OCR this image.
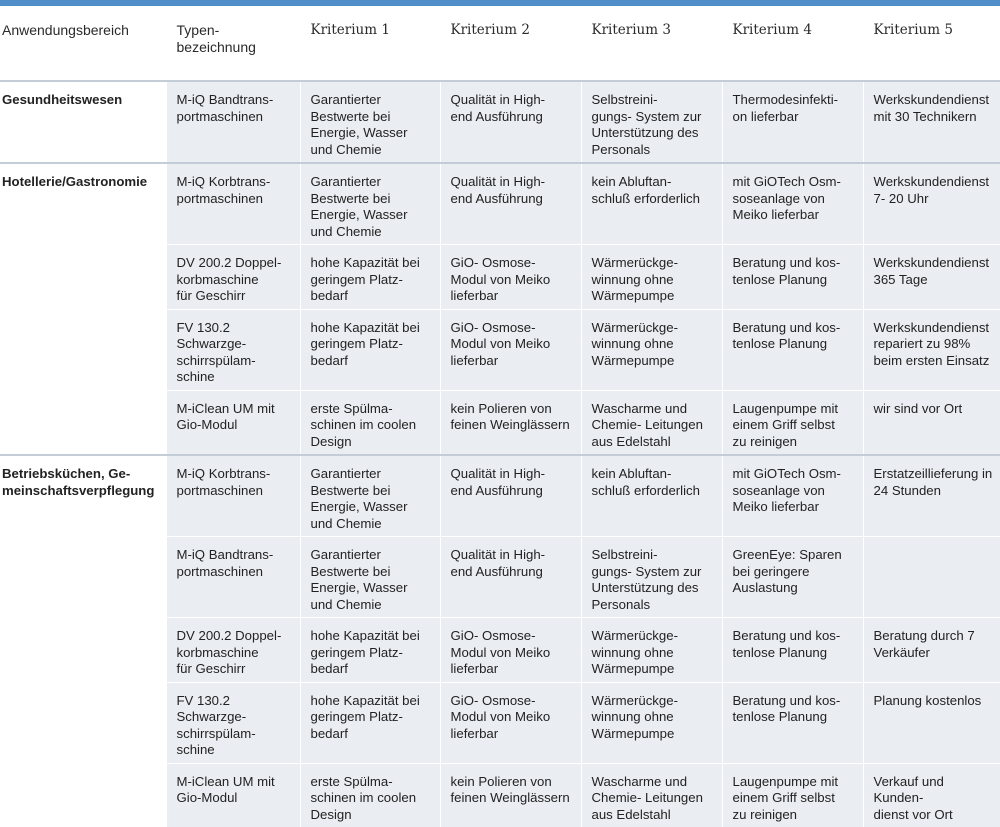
Anwendungsbereich	Typen-
bezeichnung	Kriterium 1	Kriterium 2	Kriterium 3	Kriterium 4	Kriterium 5
Gesundheitswesen	M-iQ Bandtrans-
portmaschinen	Garantierter
Bestwerte bei
Energie, Wasser
und Chemie	Qualität in High-
end Ausführung	Selbstreini-
gungs- System zur
Unterstützung des
Personals	Thermodesinfekti-
on lieferbar	Werkskundendienst
mit 30 Technikern
Hotellerie/Gastronomie	M-iQ Korbtrans-
portmaschinen	Garantierter
Bestwerte bei
Energie, Wasser
und Chemie	Qualität in High-
end Ausführung	kein Abluftan-
schluß erforderlich	mit GiOTech Osm-
soseanlage von
Meiko lieferbar	Werkskundendienst
7- 20 Uhr
	DV 200.2 Doppel-
korbmaschine
für Geschirr	hohe Kapazität bei
geringem Platz-
bedarf	GiO- Osmose-
Modul von Meiko
lieferbar	Wärmerückge-
winnung ohne
Wärmepumpe	Beratung und kos-
tenlose Planung	Werkskundendienst
365 Tage
	FV 130.2
Schwarzge-
schirrspülam-
schine	hohe Kapazität bei
geringem Platz-
bedarf	GiO- Osmose-
Modul von Meiko
lieferbar	Wärmerückge-
winnung ohne
Wärmepumpe	Beratung und kos-
tenlose Planung	Werkskundendienst
repariert zu 98%
beim ersten Einsatz
	M-iClean UM mit
Gio-Modul	erste Spülma-
schinen im coolen
Design	kein Polieren von
feinen Weinglässern	Wascharme und
Chemie- Leitungen
aus Edelstahl	Laugenpumpe mit
einem Griff selbst
zu reinigen	wir sind vor Ort
Betriebsküchen, Ge-
meinschaftsverpflegung	M-iQ Korbtrans-
portmaschinen	Garantierter
Bestwerte bei
Energie, Wasser
und Chemie	Qualität in High-
end Ausführung	kein Abluftan-
schluß erforderlich	mit GiOTech Osm-
soseanlage von
Meiko lieferbar	Erstatzeillieferung in
24 Stunden
	M-iQ Bandtrans-
portmaschinen	Garantierter
Bestwerte bei
Energie, Wasser
und Chemie	Qualität in High-
end Ausführung	Selbstreini-
gungs- System zur
Unterstützung des
Personals	GreenEye: Sparen
bei geringere
Auslastung	
	DV 200.2 Doppel-
korbmaschine
für Geschirr	hohe Kapazität bei
geringem Platz-
bedarf	GiO- Osmose-
Modul von Meiko
lieferbar	Wärmerückge-
winnung ohne
Wärmepumpe	Beratung und kos-
tenlose Planung	Beratung durch 7
Verkäufer
	FV 130.2
Schwarzge-
schirrspülam-
schine	hohe Kapazität bei
geringem Platz-
bedarf	GiO- Osmose-
Modul von Meiko
lieferbar	Wärmerückge-
winnung ohne
Wärmepumpe	Beratung und kos-
tenlose Planung	Planung kostenlos
	M-iClean UM mit
Gio-Modul	erste Spülma-
schinen im coolen
Design	kein Polieren von
feinen Weinglässern	Wascharme und
Chemie- Leitungen
aus Edelstahl	Laugenpumpe mit
einem Griff selbst
zu reinigen	Verkauf und Kunden-
dienst vor Ort
